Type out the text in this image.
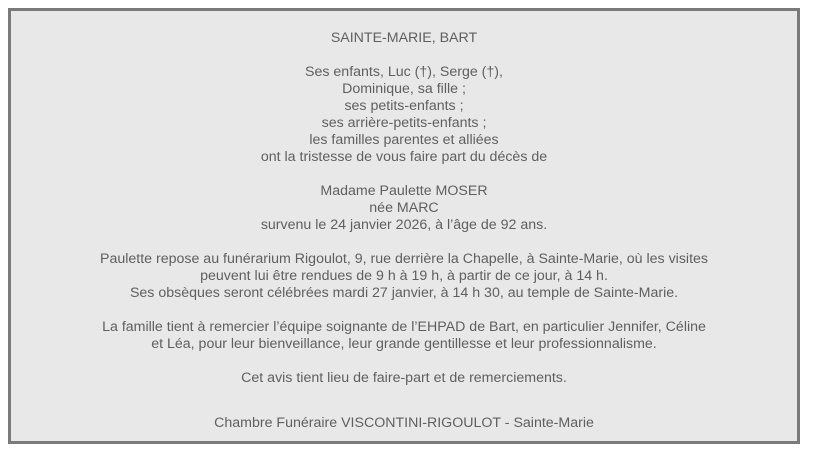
SAINTE-MARIE, BART
Ses enfants, Luc (†), Serge (†),
Dominique, sa fille ;
ses petits-enfants ;
ses arrière-petits-enfants ;
les familles parentes et alliées
ont la tristesse de vous faire part du décès de
Madame Paulette MOSER
née MARC
survenu le 24 janvier 2026, à l’âge de 92 ans.
Paulette repose au funérarium Rigoulot, 9, rue derrière la Chapelle, à Sainte-Marie, où les visites
peuvent lui être rendues de 9 h à 19 h, à partir de ce jour, à 14 h.
Ses obsèques seront célébrées mardi 27 janvier, à 14 h 30, au temple de Sainte-Marie.
La famille tient à remercier l’équipe soignante de l’EHPAD de Bart, en particulier Jennifer, Céline
et Léa, pour leur bienveillance, leur grande gentillesse et leur professionnalisme.
Cet avis tient lieu de faire-part et de remerciements.
Chambre Funéraire VISCONTINI-RIGOULOT - Sainte-Marie
